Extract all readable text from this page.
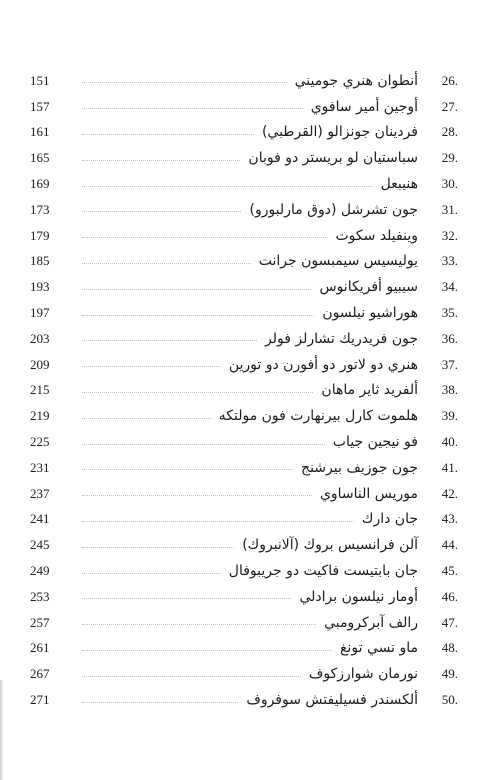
151	أنطوان هنري جوميني	26.
157	أوجين أمير سافوي	27.
161	فردينان جونزالو (القرطبي)	28.
165	سباستيان لو بريستر دو فوبان	29.
169	هنيبعل	30.
173	جون تشرشل (دوق مارلبورو)	31.
179	وينفيلد سكوت	32.
185	يوليسيس سيمبسون جرانت	33.
193	سيبيو أفريكانوس	34.
197	هوراشيو نيلسون	35.
203	جون فريدريك تشارلز فولر	36.
209	هنري دو لاتور دو أفورن دو تورين	37.
215	ألفريد ثاير ماهان	38.
219	هلموت كارل بيرنهارت فون مولتكه	39.
225	فو نيجين جياب	40.
231	جون جوزيف بيرشنج	41.
237	موريس الناساوي	42.
241	جان دارك	43.
245	آلن فرانسيس بروك (آلانبروك)	44.
249	جان بابتيست فاكيت دو جريبوفال	45.
253	أومار نيلسون برادلي	46.
257	رالف آبركرومبي	47.
261	ماو تسي تونغ	48.
267	نورمان شوارزكوف	49.
271	ألكسندر فسيليفتش سوفروف	50.
